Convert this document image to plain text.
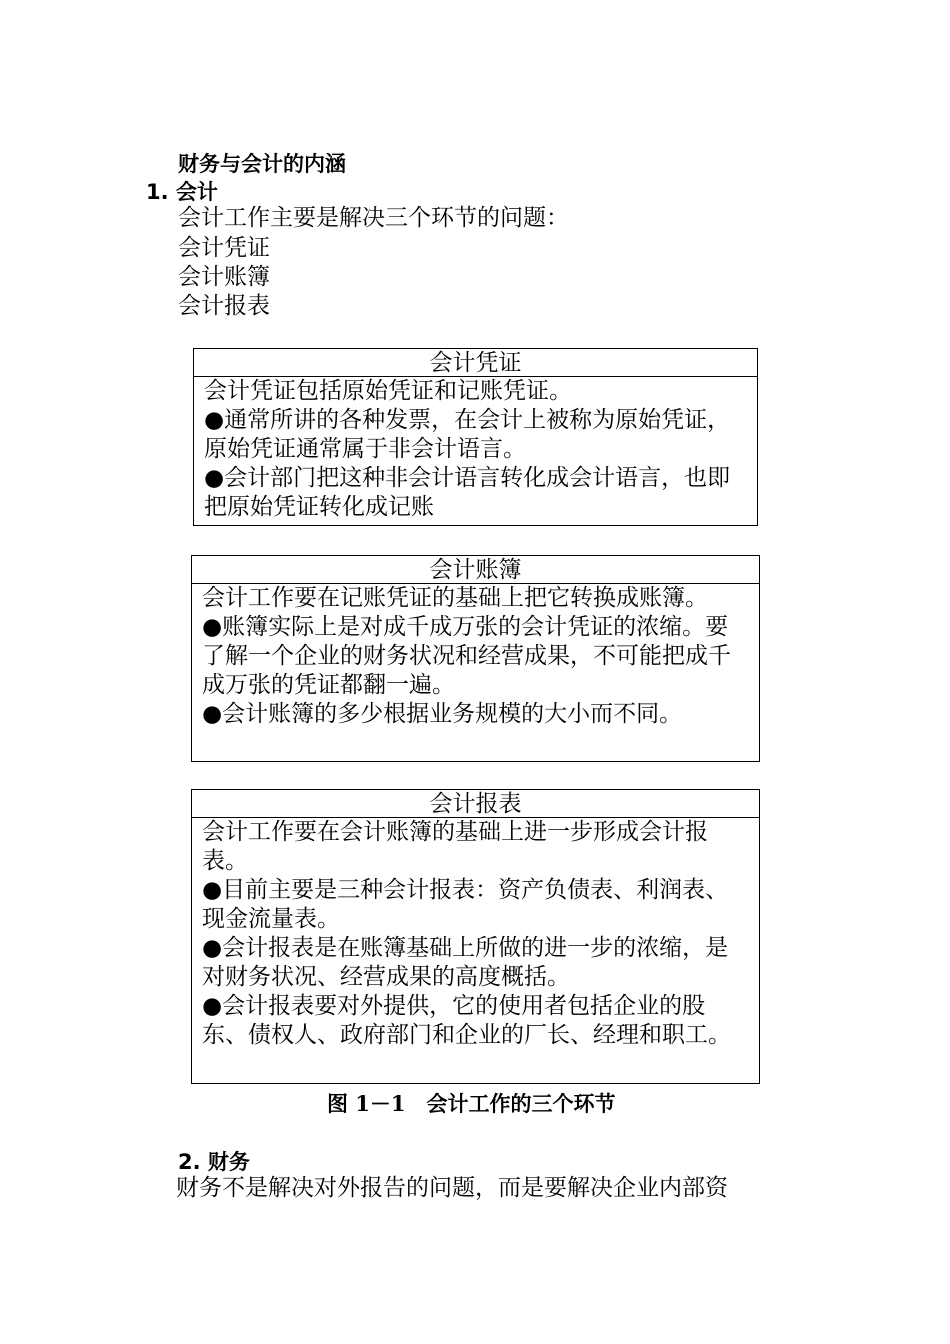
财务与会计的内涵
1. 会计
会计工作主要是解决三个环节的问题：
会计凭证
会计账簿
会计报表
会计凭证

会计凭证包括原始凭证和记账凭证。

●通常所讲的各种发票，在会计上被称为原始凭证，原始凭证通常属于非会计语言。

●会计部门把这种非会计语言转化成会计语言，也即把原始凭证转化成记账

会计账簿

会计工作要在记账凭证的基础上把它转换成账簿。

●账簿实际上是对成千成万张的会计凭证的浓缩。要了解一个企业的财务状况和经营成果，不可能把成千成万张的凭证都翻一遍。

●会计账簿的多少根据业务规模的大小而不同。

会计报表

会计工作要在会计账簿的基础上进一步形成会计报表。

●目前主要是三种会计报表：资产负债表、利润表、现金流量表。

●会计报表是在账簿基础上所做的进一步的浓缩，是对财务状况、经营成果的高度概括。

●会计报表要对外提供，它的使用者包括企业的股东、债权人、政府部门和企业的厂长、经理和职工。

图 1－1　会计工作的三个环节
2. 财务
财务不是解决对外报告的问题，而是要解决企业内部资
